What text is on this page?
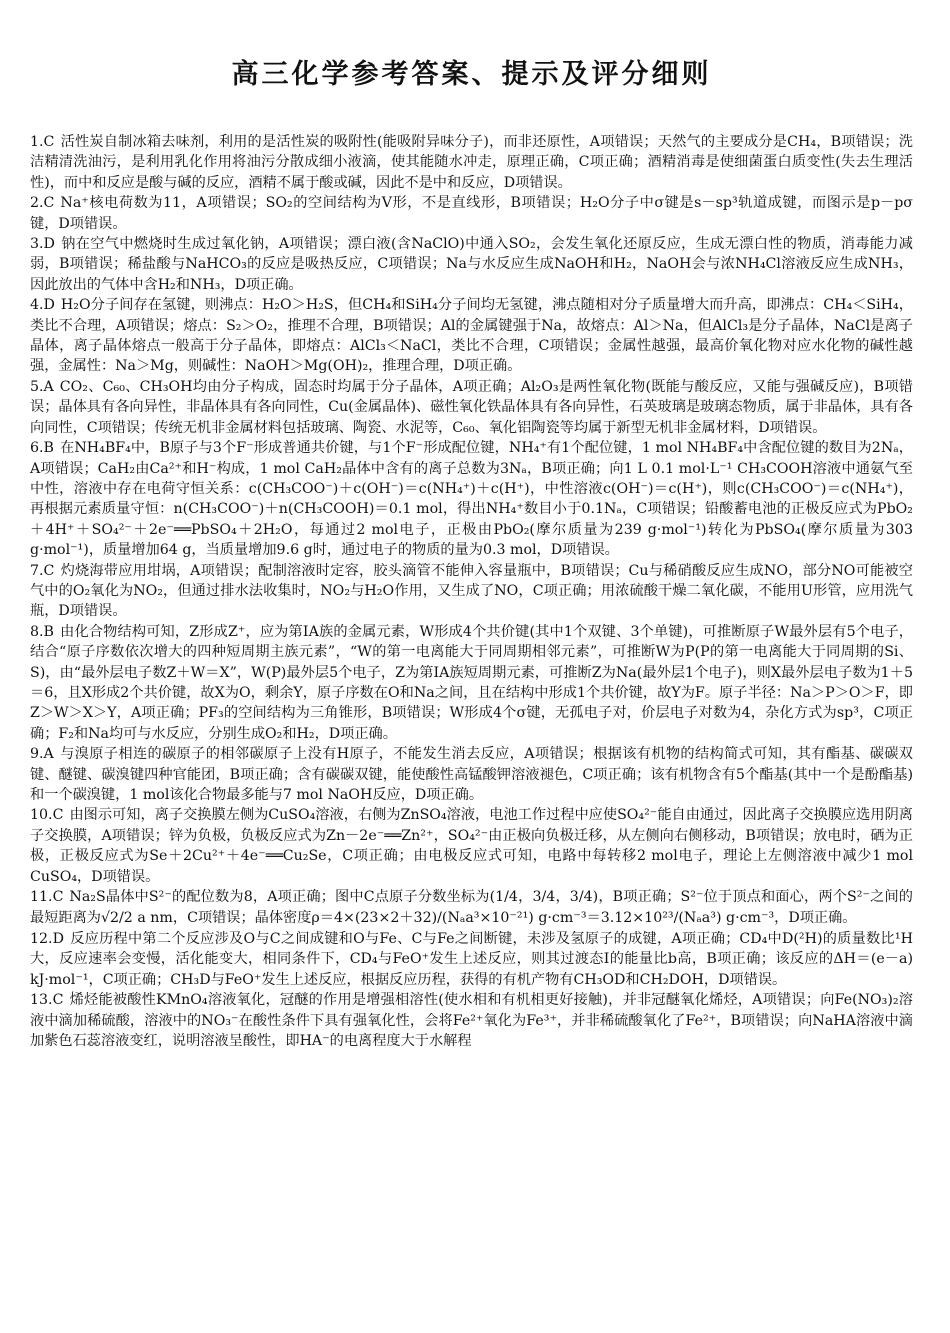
高三化学参考答案、提示及评分细则

1.C 活性炭自制冰箱去味剂，利用的是活性炭的吸附性(能吸附异味分子)，而非还原性，A项错误；天然气的主要成分是CH₄，B项错误；洗洁精清洗油污，是利用乳化作用将油污分散成细小液滴，使其能随水冲走，原理正确，C项正确；酒精消毒是使细菌蛋白质变性(失去生理活性)，而中和反应是酸与碱的反应，酒精不属于酸或碱，因此不是中和反应，D项错误。

2.C Na⁺核电荷数为11，A项错误；SO₂的空间结构为V形，不是直线形，B项错误；H₂O分子中σ键是s－sp³轨道成键，而图示是p－pσ键，D项错误。

3.D 钠在空气中燃烧时生成过氧化钠，A项错误；漂白液(含NaClO)中通入SO₂，会发生氧化还原反应，生成无漂白性的物质，消毒能力减弱，B项错误；稀盐酸与NaHCO₃的反应是吸热反应，C项错误；Na与水反应生成NaOH和H₂，NaOH会与浓NH₄Cl溶液反应生成NH₃，因此放出的气体中含H₂和NH₃，D项正确。

4.D H₂O分子间存在氢键，则沸点：H₂O＞H₂S，但CH₄和SiH₄分子间均无氢键，沸点随相对分子质量增大而升高，即沸点：CH₄＜SiH₄，类比不合理，A项错误；熔点：S₂＞O₂，推理不合理，B项错误；Al的金属键强于Na，故熔点：Al＞Na，但AlCl₃是分子晶体，NaCl是离子晶体，离子晶体熔点一般高于分子晶体，即熔点：AlCl₃＜NaCl，类比不合理，C项错误；金属性越强，最高价氧化物对应水化物的碱性越强，金属性：Na＞Mg，则碱性：NaOH＞Mg(OH)₂，推理合理，D项正确。

5.A CO₂、C₆₀、CH₃OH均由分子构成，固态时均属于分子晶体，A项正确；Al₂O₃是两性氧化物(既能与酸反应，又能与强碱反应)，B项错误；晶体具有各向异性，非晶体具有各向同性，Cu(金属晶体)、磁性氧化铁晶体具有各向异性，石英玻璃是玻璃态物质，属于非晶体，具有各向同性，C项错误；传统无机非金属材料包括玻璃、陶瓷、水泥等，C₆₀、氧化铝陶瓷等均属于新型无机非金属材料，D项错误。

6.B 在NH₄BF₄中，B原子与3个F⁻形成普通共价键，与1个F⁻形成配位键，NH₄⁺有1个配位键，1 mol NH₄BF₄中含配位键的数目为2Nₐ，A项错误；CaH₂由Ca²⁺和H⁻构成，1 mol CaH₂晶体中含有的离子总数为3Nₐ，B项正确；向1 L 0.1 mol·L⁻¹ CH₃COOH溶液中通氨气至中性，溶液中存在电荷守恒关系：c(CH₃COO⁻)＋c(OH⁻)＝c(NH₄⁺)＋c(H⁺)，中性溶液c(OH⁻)＝c(H⁺)，则c(CH₃COO⁻)＝c(NH₄⁺)，再根据元素质量守恒：n(CH₃COO⁻)＋n(CH₃COOH)＝0.1 mol，得出NH₄⁺数目小于0.1Nₐ，C项错误；铅酸蓄电池的正极反应式为PbO₂＋4H⁺＋SO₄²⁻＋2e⁻══PbSO₄＋2H₂O，每通过2 mol电子，正极由PbO₂(摩尔质量为239 g·mol⁻¹)转化为PbSO₄(摩尔质量为303 g·mol⁻¹)，质量增加64 g，当质量增加9.6 g时，通过电子的物质的量为0.3 mol，D项错误。

7.C 灼烧海带应用坩埚，A项错误；配制溶液时定容，胶头滴管不能伸入容量瓶中，B项错误；Cu与稀硝酸反应生成NO，部分NO可能被空气中的O₂氧化为NO₂，但通过排水法收集时，NO₂与H₂O作用，又生成了NO，C项正确；用浓硫酸干燥二氧化碳，不能用U形管，应用洗气瓶，D项错误。

8.B 由化合物结构可知，Z形成Z⁺，应为第ⅠA族的金属元素，W形成4个共价键(其中1个双键、3个单键)，可推断原子W最外层有5个电子，结合“原子序数依次增大的四种短周期主族元素”，“W的第一电离能大于同周期相邻元素”，可推断W为P(P的第一电离能大于同周期的Si、S)，由“最外层电子数Z＋W＝X”，W(P)最外层5个电子，Z为第ⅠA族短周期元素，可推断Z为Na(最外层1个电子)，则X最外层电子数为1＋5＝6，且X形成2个共价键，故X为O，剩余Y，原子序数在O和Na之间，且在结构中形成1个共价键，故Y为F。原子半径：Na＞P＞O＞F，即Z＞W＞X＞Y，A项正确；PF₃的空间结构为三角锥形，B项错误；W形成4个σ键，无孤电子对，价层电子对数为4，杂化方式为sp³，C项正确；F₂和Na均可与水反应，分别生成O₂和H₂，D项正确。

9.A 与溴原子相连的碳原子的相邻碳原子上没有H原子，不能发生消去反应，A项错误；根据该有机物的结构简式可知，其有酯基、碳碳双键、醚键、碳溴键四种官能团，B项正确；含有碳碳双键，能使酸性高锰酸钾溶液褪色，C项正确；该有机物含有5个酯基(其中一个是酚酯基)和一个碳溴键，1 mol该化合物最多能与7 mol NaOH反应，D项正确。

10.C 由图示可知，离子交换膜左侧为CuSO₄溶液，右侧为ZnSO₄溶液，电池工作过程中应使SO₄²⁻能自由通过，因此离子交换膜应选用阴离子交换膜，A项错误；锌为负极，负极反应式为Zn－2e⁻══Zn²⁺，SO₄²⁻由正极向负极迁移，从左侧向右侧移动，B项错误；放电时，硒为正极，正极反应式为Se＋2Cu²⁺＋4e⁻══Cu₂Se，C项正确；由电极反应式可知，电路中每转移2 mol电子，理论上左侧溶液中减少1 mol CuSO₄，D项错误。

11.C Na₂S晶体中S²⁻的配位数为8，A项正确；图中C点原子分数坐标为(1/4，3/4，3/4)，B项正确；S²⁻位于顶点和面心，两个S²⁻之间的最短距离为√2/2 a nm，C项错误；晶体密度ρ＝4×(23×2＋32)/(Nₐa³×10⁻²¹) g·cm⁻³＝3.12×10²³/(Nₐa³) g·cm⁻³，D项正确。

12.D 反应历程中第二个反应涉及O与C之间成键和O与Fe、C与Fe之间断键，未涉及氢原子的成键，A项正确；CD₄中D(²H)的质量数比¹H大，反应速率会变慢，活化能变大，相同条件下，CD₄与FeO⁺发生上述反应，则其过渡态Ⅰ的能量比b高，B项正确；该反应的ΔH＝(e－a) kJ·mol⁻¹，C项正确；CH₃D与FeO⁺发生上述反应，根据反应历程，获得的有机产物有CH₃OD和CH₂DOH，D项错误。

13.C 烯烃能被酸性KMnO₄溶液氧化，冠醚的作用是增强相溶性(使水相和有机相更好接触)，并非冠醚氧化烯烃，A项错误；向Fe(NO₃)₂溶液中滴加稀硫酸，溶液中的NO₃⁻在酸性条件下具有强氧化性，会将Fe²⁺氧化为Fe³⁺，并非稀硫酸氧化了Fe²⁺，B项错误；向NaHA溶液中滴加紫色石蕊溶液变红，说明溶液呈酸性，即HA⁻的电离程度大于水解程
